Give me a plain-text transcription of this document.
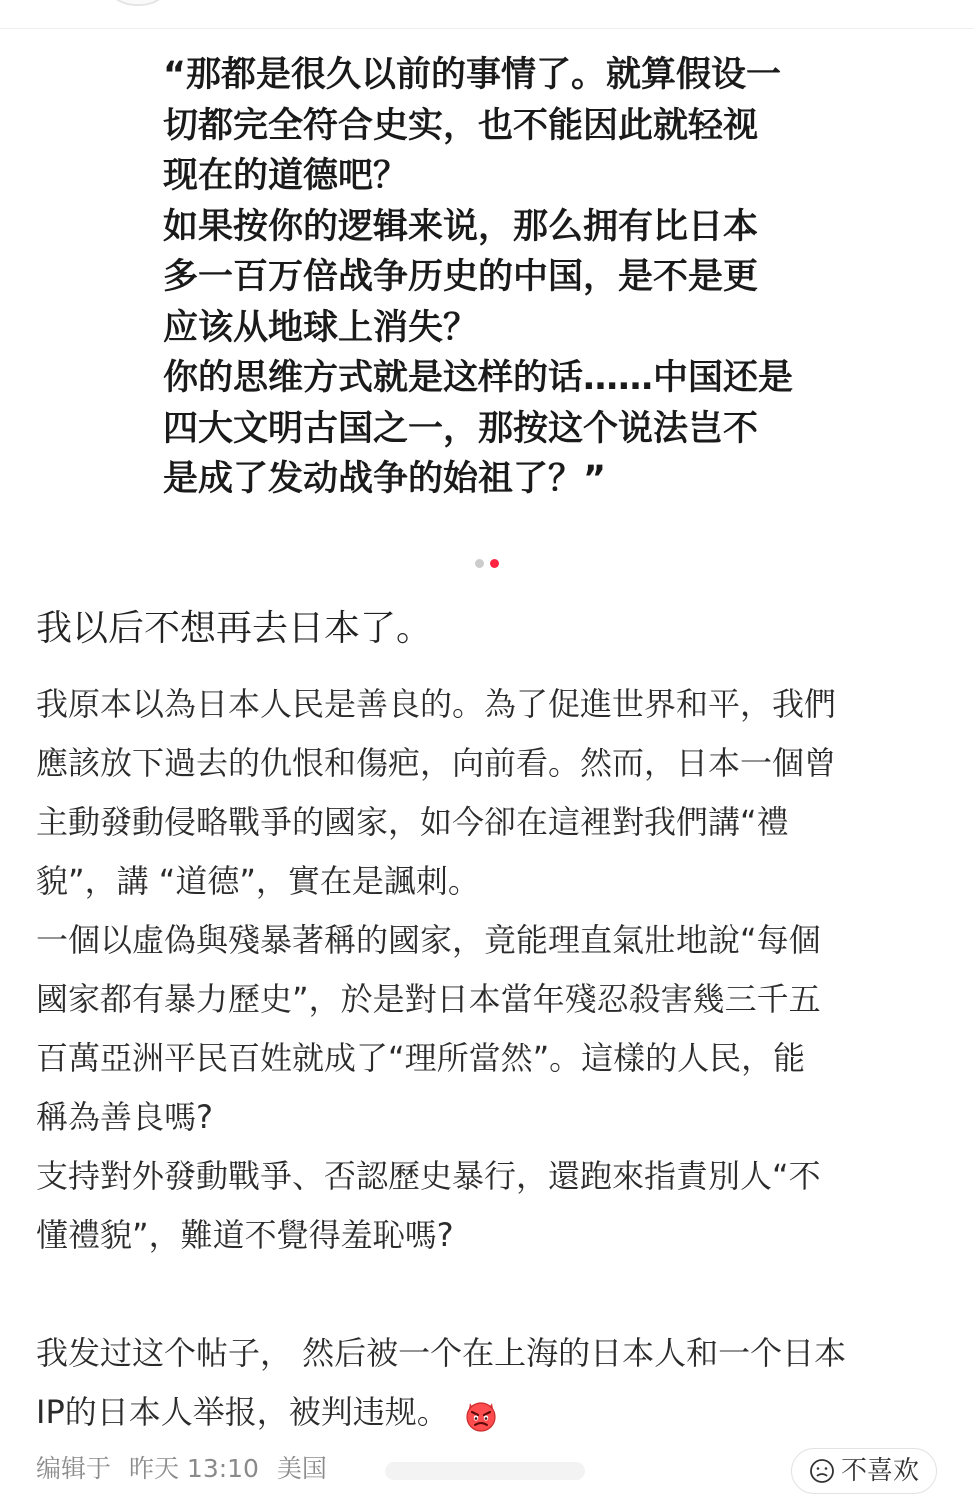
“那都是很久以前的事情了。就算假设一
切都完全符合史实，也不能因此就轻视
现在的道德吧？
如果按你的逻辑来说，那么拥有比日本
多一百万倍战争历史的中国，是不是更
应该从地球上消失？
你的思维方式就是这样的话……中国还是
四大文明古国之一，那按这个说法岂不
是成了发动战争的始祖了？”
我以后不想再去日本了。
我原本以為日本人民是善良的。為了促進世界和平，我們
應該放下過去的仇恨和傷疤，向前看。然而，日本一個曾
主動發動侵略戰爭的國家，如今卻在這裡對我們講“禮
貌”，講 “道德”，實在是諷刺。
一個以虛偽與殘暴著稱的國家，竟能理直氣壯地說“每個
國家都有暴力歷史”，於是對日本當年殘忍殺害幾三千五
百萬亞洲平民百姓就成了“理所當然”。這樣的人民，能
稱為善良嗎?
支持對外發動戰爭、否認歷史暴行，還跑來指責別人“不
懂禮貌”，難道不覺得羞恥嗎?
我发过这个帖子， 然后被一个在上海的日本人和一个日本
IP的日本人举报，被判违规。
编辑于 昨天 13:10 美国	不喜欢
